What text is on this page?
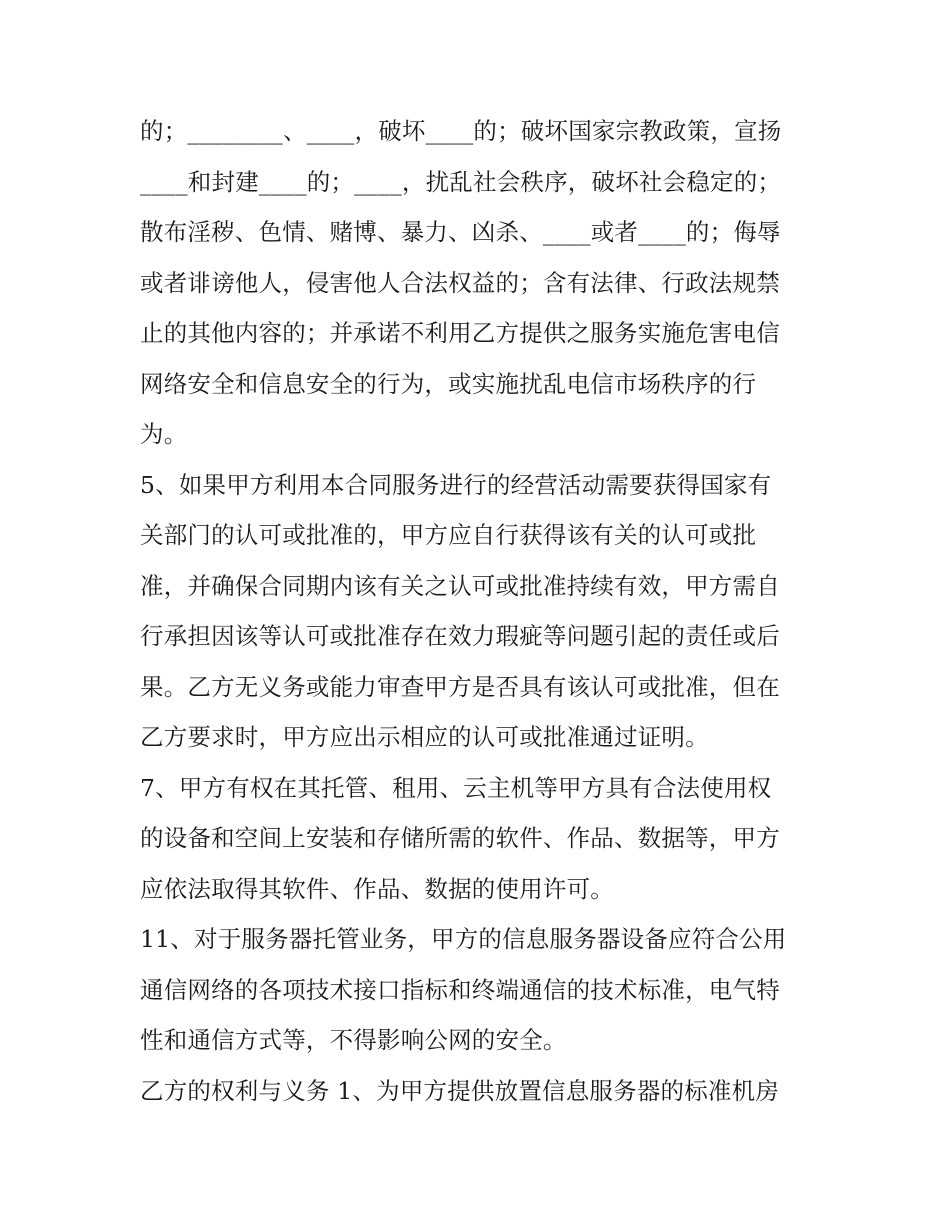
的；________、____，破坏____的；破坏国家宗教政策，宣扬
____和封建____的；____，扰乱社会秩序，破坏社会稳定的；
散布淫秽、色情、赌博、暴力、凶杀、____或者____的；侮辱
或者诽谤他人，侵害他人合法权益的；含有法律、行政法规禁
止的其他内容的；并承诺不利用乙方提供之服务实施危害电信
网络安全和信息安全的行为，或实施扰乱电信市场秩序的行
为。
5、如果甲方利用本合同服务进行的经营活动需要获得国家有
关部门的认可或批准的，甲方应自行获得该有关的认可或批
准，并确保合同期内该有关之认可或批准持续有效，甲方需自
行承担因该等认可或批准存在效力瑕疵等问题引起的责任或后
果。乙方无义务或能力审查甲方是否具有该认可或批准，但在
乙方要求时，甲方应出示相应的认可或批准通过证明。
7、甲方有权在其托管、租用、云主机等甲方具有合法使用权
的设备和空间上安装和存储所需的软件、作品、数据等，甲方
应依法取得其软件、作品、数据的使用许可。
11、对于服务器托管业务，甲方的信息服务器设备应符合公用
通信网络的各项技术接口指标和终端通信的技术标准，电气特
性和通信方式等，不得影响公网的安全。
乙方的权利与义务 1、为甲方提供放置信息服务器的标准机房
